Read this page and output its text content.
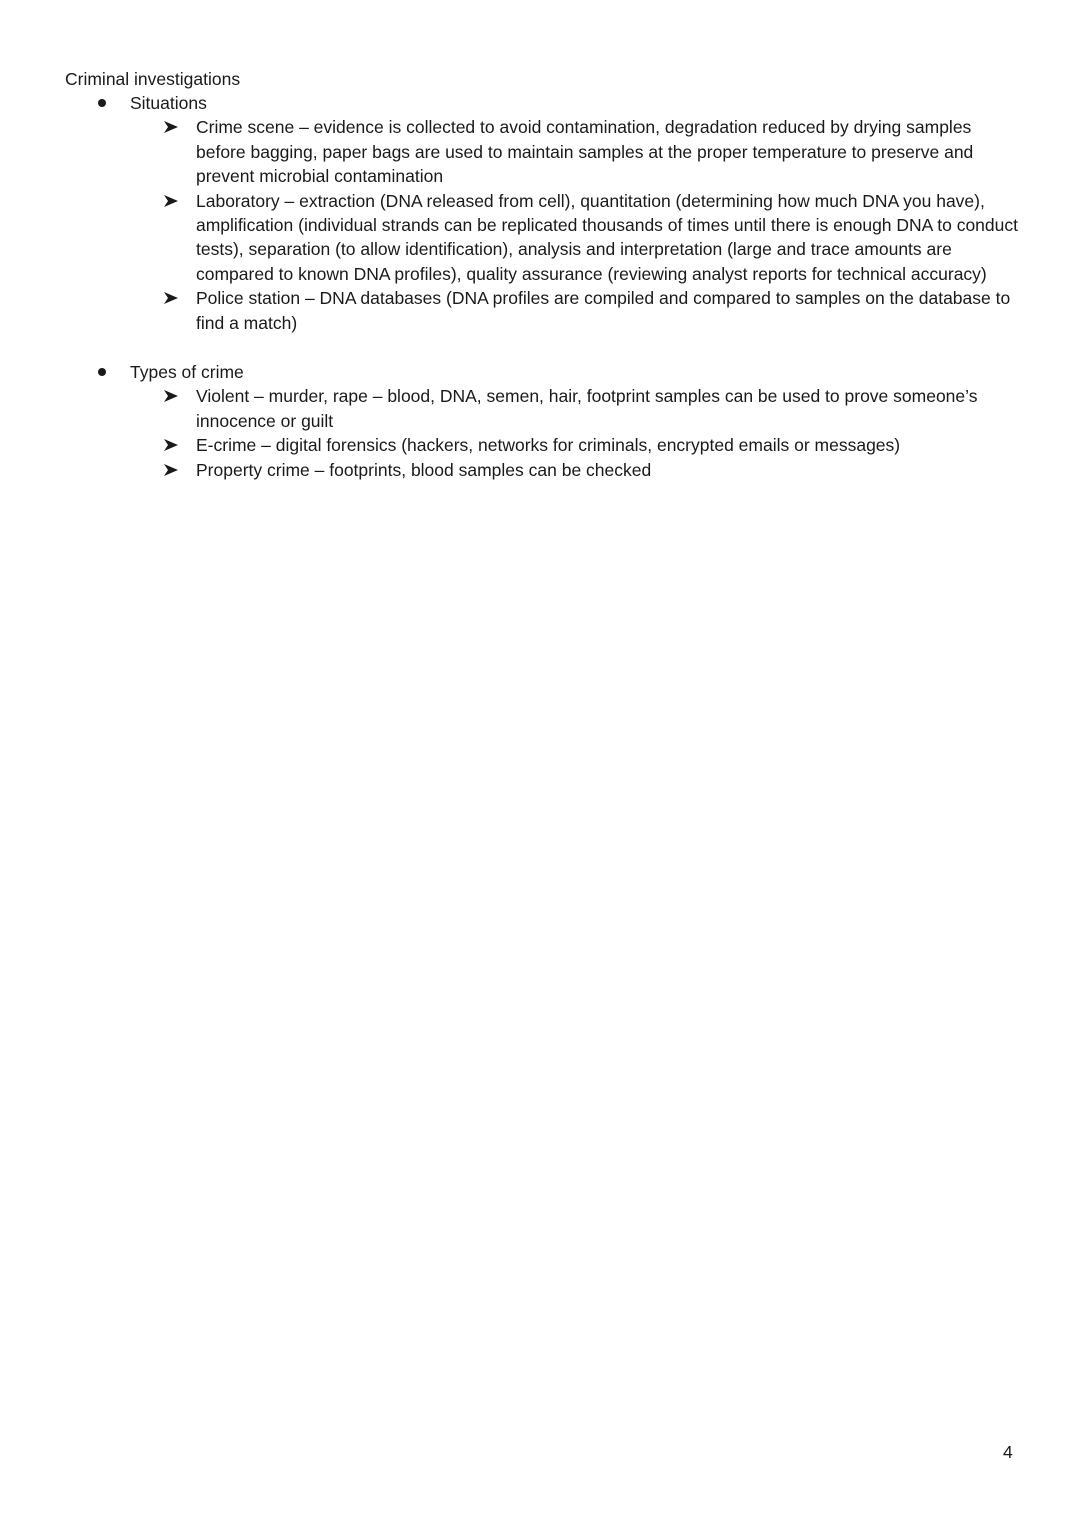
Criminal investigations
Situations
Crime scene – evidence is collected to avoid contamination, degradation reduced by drying samples before bagging, paper bags are used to maintain samples at the proper temperature to preserve and prevent microbial contamination
Laboratory – extraction (DNA released from cell), quantitation (determining how much DNA you have), amplification (individual strands can be replicated thousands of times until there is enough DNA to conduct tests), separation (to allow identification), analysis and interpretation (large and trace amounts are compared to known DNA profiles), quality assurance (reviewing analyst reports for technical accuracy)
Police station – DNA databases (DNA profiles are compiled and compared to samples on the database to find a match)
Types of crime
Violent – murder, rape – blood, DNA, semen, hair, footprint samples can be used to prove someone’s innocence or guilt
E-crime – digital forensics (hackers, networks for criminals, encrypted emails or messages)
Property crime – footprints, blood samples can be checked
4
